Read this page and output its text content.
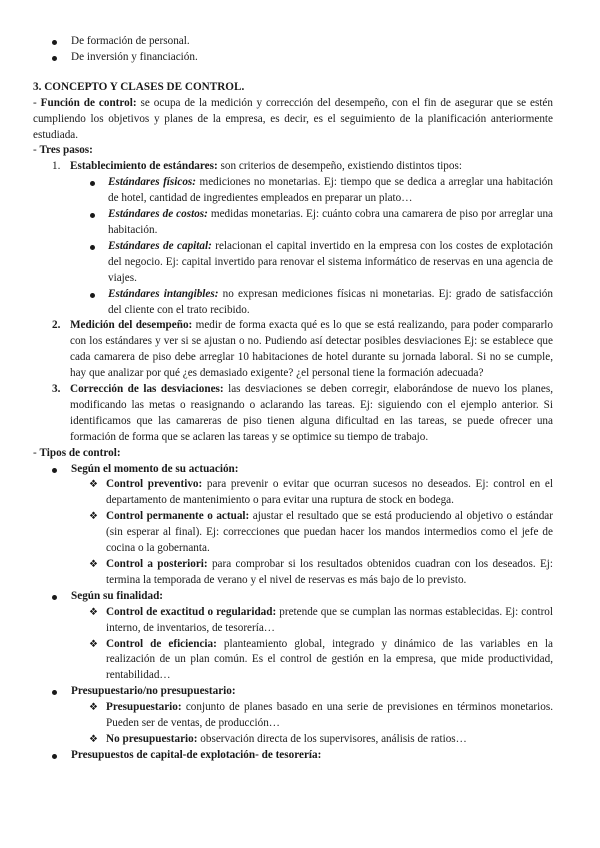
De formación de personal.
De inversión y financiación.

3. CONCEPTO Y CLASES DE CONTROL.

- Función de control: se ocupa de la medición y corrección del desempeño, con el fin de asegurar que se estén cumpliendo los objetivos y planes de la empresa, es decir, es el seguimiento de la planificación anteriormente estudiada.

- Tres pasos:

1. Establecimiento de estándares: son criterios de desempeño, existiendo distintos tipos:
Estándares físicos: mediciones no monetarias. Ej: tiempo que se dedica a arreglar una habitación de hotel, cantidad de ingredientes empleados en preparar un plato…
Estándares de costos: medidas monetarias. Ej: cuánto cobra una camarera de piso por arreglar una habitación.
Estándares de capital: relacionan el capital invertido en la empresa con los costes de explotación del negocio. Ej: capital invertido para renovar el sistema informático de reservas en una agencia de viajes.
Estándares intangibles: no expresan mediciones físicas ni monetarias. Ej: grado de satisfacción del cliente con el trato recibido.
2. Medición del desempeño: medir de forma exacta qué es lo que se está realizando, para poder compararlo con los estándares y ver si se ajustan o no. Pudiendo así detectar posibles desviaciones Ej: se establece que cada camarera de piso debe arreglar 10 habitaciones de hotel durante su jornada laboral. Si no se cumple, hay que analizar por qué ¿es demasiado exigente? ¿el personal tiene la formación adecuada?
3. Corrección de las desviaciones: las desviaciones se deben corregir, elaborándose de nuevo los planes, modificando las metas o reasignando o aclarando las tareas. Ej: siguiendo con el ejemplo anterior. Si identificamos que las camareras de piso tienen alguna dificultad en las tareas, se puede ofrecer una formación de forma que se aclaren las tareas y se optimice su tiempo de trabajo.

- Tipos de control:

Según el momento de su actuación:
❖ Control preventivo: para prevenir o evitar que ocurran sucesos no deseados. Ej: control en el departamento de mantenimiento o para evitar una ruptura de stock en bodega.
❖ Control permanente o actual: ajustar el resultado que se está produciendo al objetivo o estándar (sin esperar al final). Ej: correcciones que puedan hacer los mandos intermedios como el jefe de cocina o la gobernanta.
❖ Control a posteriori: para comprobar si los resultados obtenidos cuadran con los deseados. Ej: termina la temporada de verano y el nivel de reservas es más bajo de lo previsto.
Según su finalidad:
❖ Control de exactitud o regularidad: pretende que se cumplan las normas establecidas. Ej: control interno, de inventarios, de tesorería…
❖ Control de eficiencia: planteamiento global, integrado y dinámico de las variables en la realización de un plan común. Es el control de gestión en la empresa, que mide productividad, rentabilidad…
Presupuestario/no presupuestario:
❖ Presupuestario: conjunto de planes basado en una serie de previsiones en términos monetarios. Pueden ser de ventas, de producción…
❖ No presupuestario: observación directa de los supervisores, análisis de ratios…
Presupuestos de capital-de explotación- de tesorería:
